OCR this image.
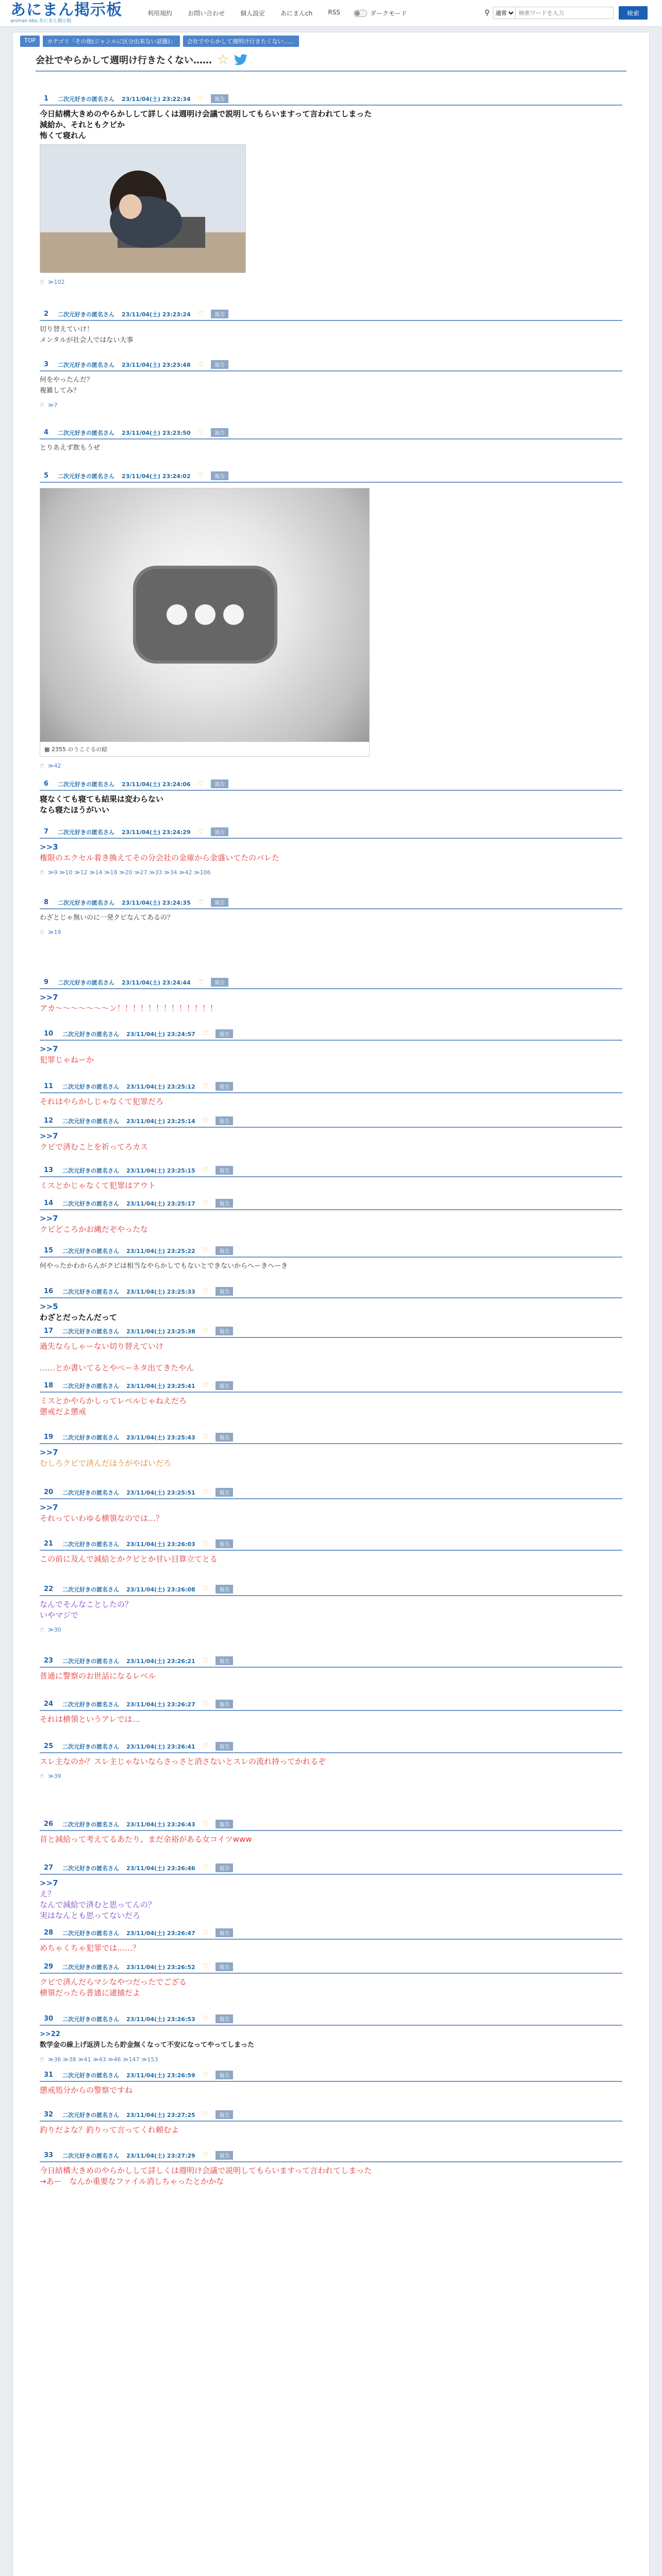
あにまん掲示板
animan bbs あにまん掲示板
利用規約	お問い合わせ	個人設定	あにまんch	RSS	ダークモード	⚲
通常
検索ワードを入力	検索
TOP	カテゴリ「その他(ジャンルに区分出来ない話題)」	会社でやらかして週明け行きたくない……
会社でやらかして週明け行きたくない…… ☆
1 二次元好きの匿名さん 23/11/04(土) 23:22:34 ♡	報告
今日結構大きめのやらかしして詳しくは週明け会議で説明してもらいますって言われてしまった
減給か、それともクビか
怖くて寝れん
☝ ≫102
2 二次元好きの匿名さん 23/11/04(土) 23:23:24 ♡	報告
切り替えていけ！
メンタルが社会人ではない大事
3 二次元好きの匿名さん 23/11/04(土) 23:23:48 ♡	報告
何をやったんだ？
複雑してみ？
☝ ≫7
4 二次元好きの匿名さん 23/11/04(土) 23:23:50 ♡	報告
とりあえず飲もうぜ
5 二次元好きの匿名さん 23/11/04(土) 23:24:02 ♡	報告
▦ 2355 のうこぐるの絵
☝ ≫42
6 二次元好きの匿名さん 23/11/04(土) 23:24:06 ♡	報告
寝なくても寝ても結果は変わらない
なら寝たほうがいい
7 二次元好きの匿名さん 23/11/04(土) 23:24:29 ♡	報告
>>3
権限のエクセル着き換えてその分会社の金庫から金盛いてたのバレた
☝ ≫9 ≫10 ≫12 ≫14 ≫18 ≫20 ≫27 ≫33 ≫34 ≫42 ≫106
8 二次元好きの匿名さん 23/11/04(土) 23:24:35 ♡	報告
わざとじゃ無いのに一発クビなんてあるの？
☝ ≫19
9 二次元好きの匿名さん 23/11/04(土) 23:24:44 ♡	報告
>>7
アカ〜〜〜〜〜〜〜ン！！！！！！！！！！！！！
10 二次元好きの匿名さん 23/11/04(土) 23:24:57 ♡	報告
>>7
犯罪じゃねーか
11 二次元好きの匿名さん 23/11/04(土) 23:25:12 ♡	報告
それはやらかしじゃなくて犯罪だろ
12 二次元好きの匿名さん 23/11/04(土) 23:25:14 ♡	報告
>>7
クビで済むことを祈ってろカス
13 二次元好きの匿名さん 23/11/04(土) 23:25:15 ♡	報告
ミスとかじゃなくて犯罪はアウト
14 二次元好きの匿名さん 23/11/04(土) 23:25:17 ♡	報告
>>7
クビどころかお縄だぞやったな
15 二次元好きの匿名さん 23/11/04(土) 23:25:22 ♡	報告
何やったかわからんがクビは相当なやらかしでもないとできないからへーきへーき
16 二次元好きの匿名さん 23/11/04(土) 23:25:33 ♡	報告
>>5
わざとだったんだって
17 二次元好きの匿名さん 23/11/04(土) 23:25:38 ♡	報告
過失ならしゃーない切り替えていけ
……とか書いてるとやべーネタ出てきたやん
18 二次元好きの匿名さん 23/11/04(土) 23:25:41 ♡	報告
ミスとかやらかしってレベルじゃねえだろ
懲戒だよ懲戒
19 二次元好きの匿名さん 23/11/04(土) 23:25:43 ♡	報告
>>7
むしろクビで済んだほうがやばいだろ
20 二次元好きの匿名さん 23/11/04(土) 23:25:51 ♡	報告
>>7
それっていわゆる横領なのでは…？
21 二次元好きの匿名さん 23/11/04(土) 23:26:03 ♡	報告
この前に及んで減給とかクビとか甘い目算立てとる
22 二次元好きの匿名さん 23/11/04(土) 23:26:08 ♡	報告
なんでそんなことしたの？
いやマジで
☝ ≫30
23 二次元好きの匿名さん 23/11/04(土) 23:26:21 ♡	報告
普通に警察のお世話になるレベル
24 二次元好きの匿名さん 23/11/04(土) 23:26:27 ♡	報告
それは横領というアレでは…
25 二次元好きの匿名さん 23/11/04(土) 23:26:41 ♡	報告
スレ主なのか？スレ主じゃないならさっさと消さないとスレの流れ持ってかれるぞ
☝ ≫39
26 二次元好きの匿名さん 23/11/04(土) 23:26:43 ♡	報告
首と減給って考えてるあたり、まだ余裕がある女コイツwww
27 二次元好きの匿名さん 23/11/04(土) 23:26:46 ♡	報告
>>7
え？
なんで減給で済むと思ってんの？
実はなんとも思ってないだろ
28 二次元好きの匿名さん 23/11/04(土) 23:26:47 ♡	報告
めちゃくちゃ犯罪では……？
29 二次元好きの匿名さん 23/11/04(土) 23:26:52 ♡	報告
クビで済んだらマシなやつだったでござる
横領だったら普通に逮捕だよ
30 二次元好きの匿名さん 23/11/04(土) 23:26:53 ♡	報告
>>22
数学金の線上げ返済したら貯金無くなって不安になってやってしまった
☝ ≫36 ≫38 ≫41 ≫43 ≫46 ≫147 ≫153
31 二次元好きの匿名さん 23/11/04(土) 23:26:59 ♡	報告
懲戒処分からの警察ですね
32 二次元好きの匿名さん 23/11/04(土) 23:27:25 ♡	報告
釣りだよな？釣りって言ってくれ頼むよ
33 二次元好きの匿名さん 23/11/04(土) 23:27:29 ♡	報告
今日結構大きめのやらかしして詳しくは週明け会議で説明してもらいますって言われてしまった
→あー　なんか重要なファイル消しちゃったとかかな
